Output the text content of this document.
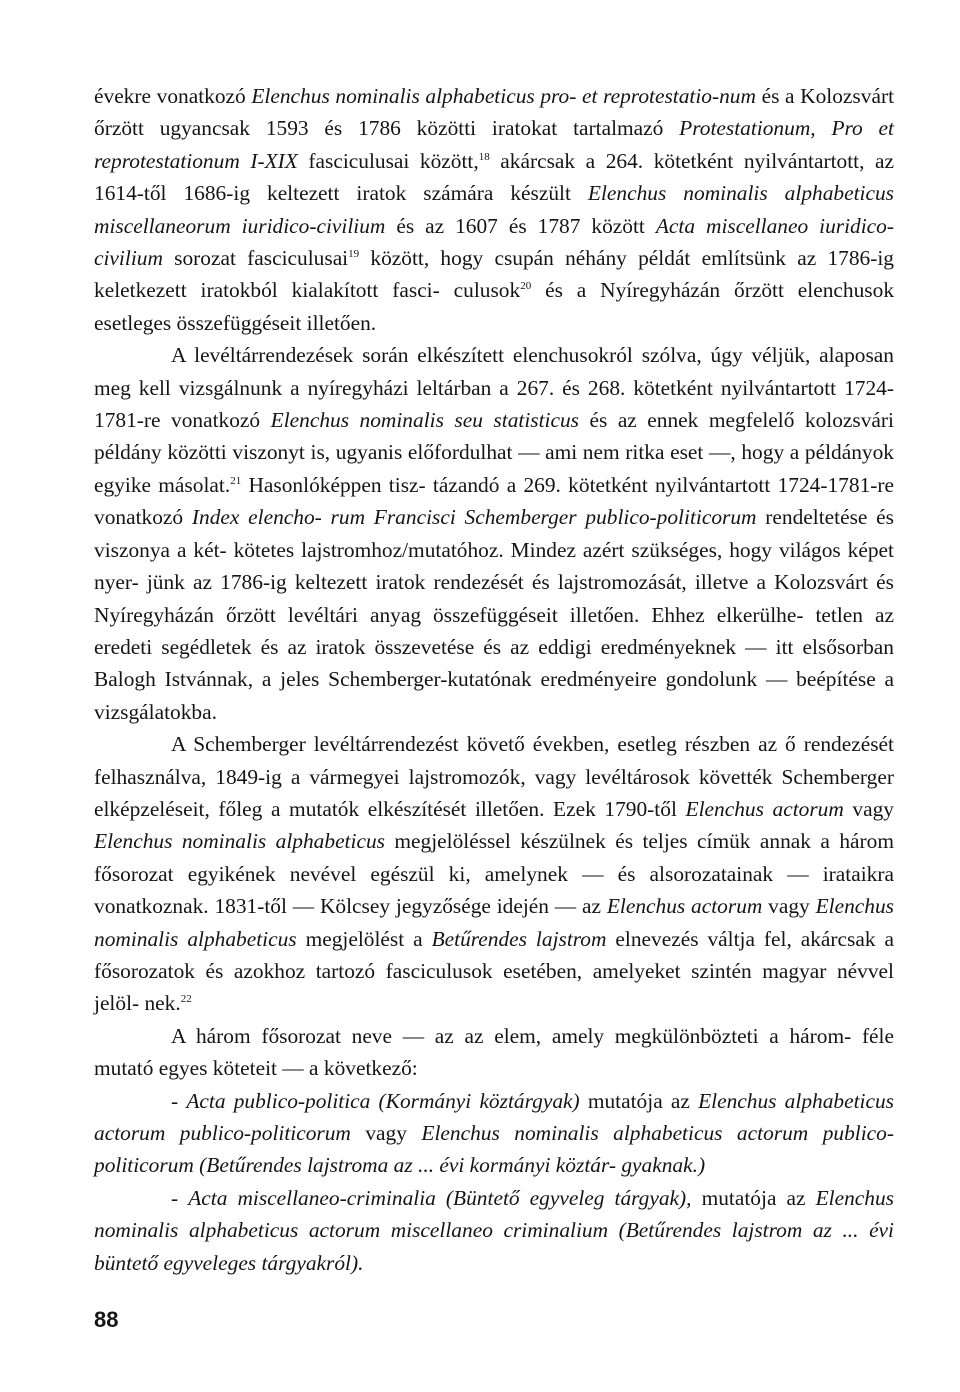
évekre vonatkozó Elenchus nominalis alphabeticus pro- et reprotestatio-num és a Kolozsvárt őrzött ugyancsak 1593 és 1786 közötti iratokat tartalmazó Protestationum, Pro et reprotestationum I-XIX fasciculusai között,$^{18}$ akárcsak a 264. kötetként nyilvántartott, az 1614-től 1686-ig keltezett iratok számára készült Elenchus nominalis alphabeticus miscellaneorum iuridico-civilium és az 1607 és 1787 között Acta miscellaneo iuridico-civilium sorozat fasciculusai$^{19}$ között, hogy csupán néhány példát említsünk az 1786-ig keletkezett iratokból kialakított fasci- culusok$^{20}$ és a Nyíregyházán őrzött elenchusok esetleges összefüggéseit illetően.

A levéltárrendezések során elkészített elenchusokról szólva, úgy véljük, alaposan meg kell vizsgálnunk a nyíregyházi leltárban a 267. és 268. kötetként nyilvántartott 1724-1781-re vonatkozó Elenchus nominalis seu statisticus és az ennek megfelelő kolozsvári példány közötti viszonyt is, ugyanis előfordulhat — ami nem ritka eset —, hogy a példányok egyike másolat.$^{21}$ Hasonlóképpen tisz- tázandó a 269. kötetként nyilvántartott 1724-1781-re vonatkozó Index elencho- rum Francisci Schemberger publico-politicorum rendeltetése és viszonya a két- kötetes lajstromhoz/mutatóhoz. Mindez azért szükséges, hogy világos képet nyer- jünk az 1786-ig keltezett iratok rendezését és lajstromozását, illetve a Kolozsvárt és Nyíregyházán őrzött levéltári anyag összefüggéseit illetően. Ehhez elkerülhe- tetlen az eredeti segédletek és az iratok összevetése és az eddigi eredményeknek — itt elsősorban Balogh Istvánnak, a jeles Schemberger-kutatónak eredményeire gondolunk — beépítése a vizsgálatokba.

A Schemberger levéltárrendezést követő években, esetleg részben az ő rendezését felhasználva, 1849-ig a vármegyei lajstromozók, vagy levéltárosok követték Schemberger elképzeléseit, főleg a mutatók elkészítését illetően. Ezek 1790-től Elenchus actorum vagy Elenchus nominalis alphabeticus megjelöléssel készülnek és teljes címük annak a három fősorozat egyikének nevével egészül ki, amelynek — és alsorozatainak — irataikra vonatkoznak. 1831-től — Kölcsey jegyzősége idején — az Elenchus actorum vagy Elenchus nominalis alphabeticus megjelölést a Betűrendes lajstrom elnevezés váltja fel, akárcsak a fősorozatok és azokhoz tartozó fasciculusok esetében, amelyeket szintén magyar névvel jelöl- nek.$^{22}$

A három fősorozat neve — az az elem, amely megkülönbözteti a három- féle mutató egyes köteteit — a következő:

- Acta publico-politica (Kormányi köztárgyak) mutatója az Elenchus alphabeticus actorum publico-politicorum vagy Elenchus nominalis alphabeticus actorum publico-politicorum (Betűrendes lajstroma az ... évi kormányi köztár- gyaknak.)

- Acta miscellaneo-criminalia (Büntető egyveleg tárgyak), mutatója az Elenchus nominalis alphabeticus actorum miscellaneo criminalium (Betűrendes lajstrom az ... évi büntető egyveleges tárgyakról).

88
